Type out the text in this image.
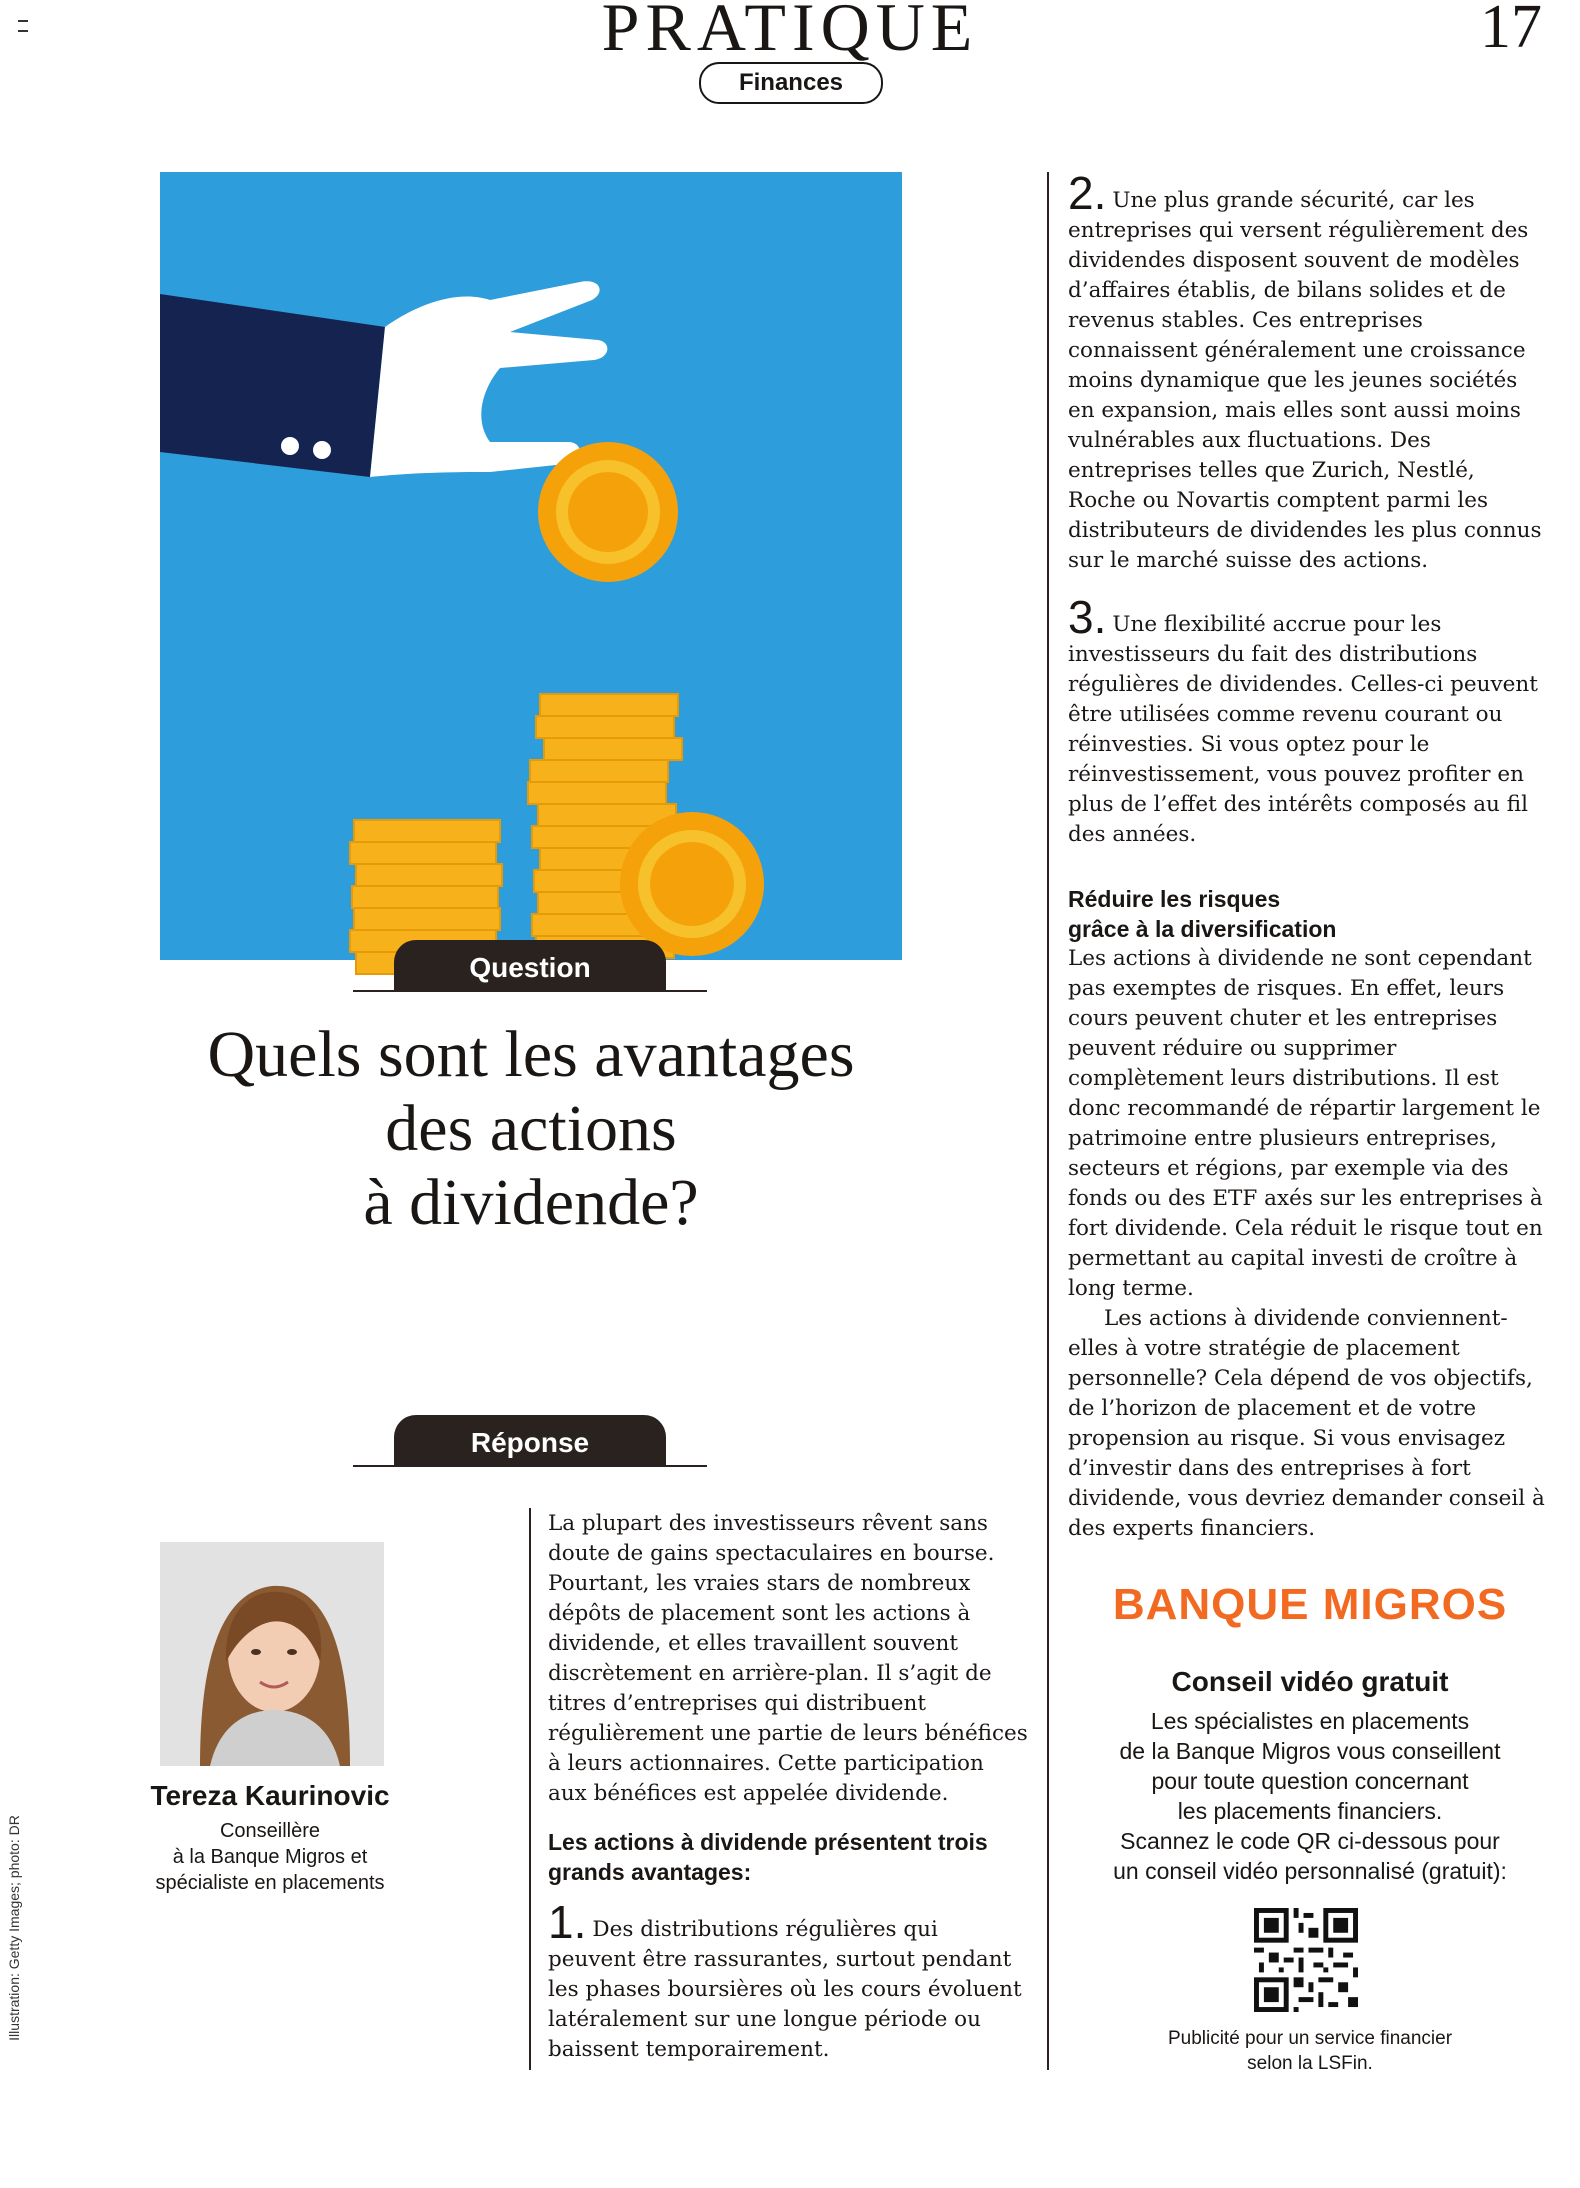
PRATIQUE
Finances
17
Question
Quels sont les avantages
des actions
à dividende?
Réponse
Tereza Kaurinovic
Conseillère
à la Banque Migros et
spécialiste en placements

La plupart des investisseurs rêvent sans doute de gains spectaculaires en bourse. Pourtant, les vraies stars de nombreux dépôts de placement sont les actions à dividende, et elles travaillent souvent discrètement en arrière-plan. Il s’agit de titres d’entreprises qui distribuent régulièrement une partie de leurs bénéfices à leurs actionnaires. Cette participation aux bénéfices est appelée dividende.

Les actions à dividende présentent trois grands avantages:

1. Des distributions régulières qui peuvent être rassurantes, surtout pendant les phases boursières où les cours évoluent latéralement sur une longue période ou baissent temporairement.

2. Une plus grande sécurité, car les entreprises qui versent régulièrement des dividendes disposent souvent de modèles d’affaires établis, de bilans solides et de revenus stables. Ces entreprises connaissent généralement une croissance moins dynamique que les jeunes sociétés en expansion, mais elles sont aussi moins vulnérables aux fluctuations. Des entreprises telles que Zurich, Nestlé, Roche ou Novartis comptent parmi les distributeurs de dividendes les plus connus sur le marché suisse des actions.

3. Une flexibilité accrue pour les investisseurs du fait des distributions régulières de dividendes. Celles-ci peuvent être utilisées comme revenu courant ou réinvesties. Si vous optez pour le réinvestissement, vous pouvez profiter en plus de l’effet des intérêts composés au fil des années.

Réduire les risques
grâce à la diversification

Les actions à dividende ne sont cependant pas exemptes de risques. En effet, leurs cours peuvent chuter et les entreprises peuvent réduire ou supprimer complètement leurs distributions. Il est donc recommandé de répartir largement le patrimoine entre plusieurs entreprises, secteurs et régions, par exemple via des fonds ou des ETF axés sur les entreprises à fort dividende. Cela réduit le risque tout en permettant au capital investi de croître à long terme.

Les actions à dividende conviennent-elles à votre stratégie de placement personnelle? Cela dépend de vos objectifs, de l’horizon de placement et de votre propension au risque. Si vous envisagez d’investir dans des entreprises à fort dividende, vous devriez demander conseil à des experts financiers.

BANQUE MIGROS
Conseil vidéo gratuit
Les spécialistes en placements
de la Banque Migros vous conseillent
pour toute question concernant
les placements financiers.
Scannez le code QR ci-dessous pour
un conseil vidéo personnalisé (gratuit):
Publicité pour un service financier
selon la LSFin.
Illustration: Getty Images; photo: DR
